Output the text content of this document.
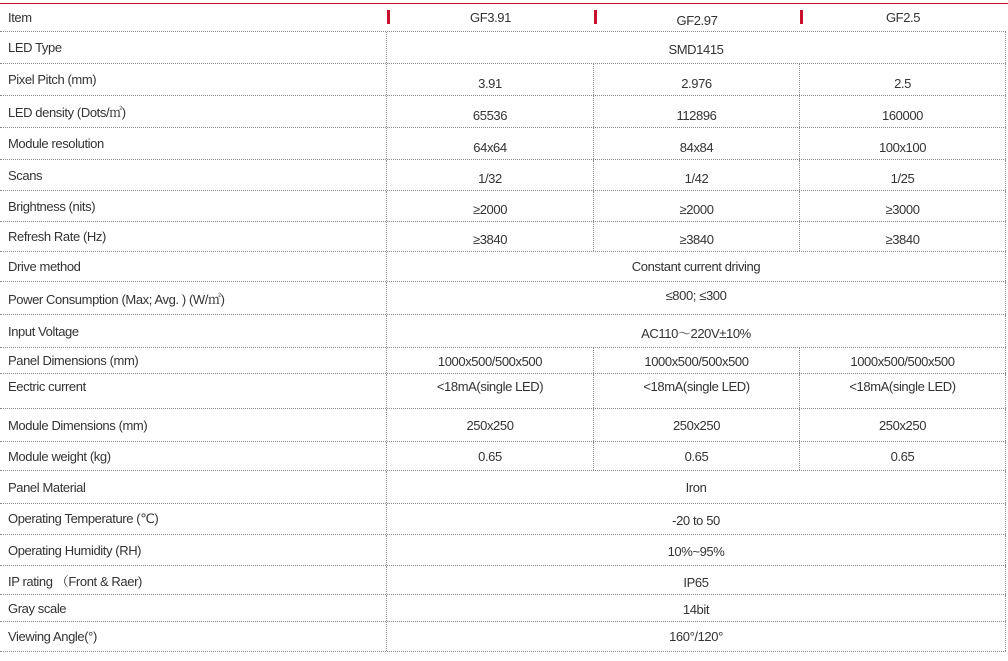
Item	GF3.91	GF2.97	GF2.5
LED Type	SMD1415
Pixel Pitch (mm)	3.91	2.976	2.5
LED density (Dots/㎡)	65536	112896	160000
Module resolution	64x64	84x84	100x100
Scans	1/32	1/42	1/25
Brightness (nits)	≥2000	≥2000	≥3000
Refresh Rate (Hz)	≥3840	≥3840	≥3840
Drive method	Constant current driving
Power Consumption (Max; Avg. ) (W/㎡)	≤800; ≤300
Input Voltage	AC110～220V±10%
Panel Dimensions (mm)	1000x500/500x500	1000x500/500x500	1000x500/500x500
Eectric current	<18mA(single LED)	<18mA(single LED)	<18mA(single LED)
Module Dimensions (mm)	250x250	250x250	250x250
Module weight (kg)	0.65	0.65	0.65
Panel Material	Iron
Operating Temperature (℃)	-20 to 50
Operating Humidity (RH)	10%~95%
IP rating （Front & Raer)	IP65
Gray scale	14bit
Viewing Angle(°)	160°/120°
